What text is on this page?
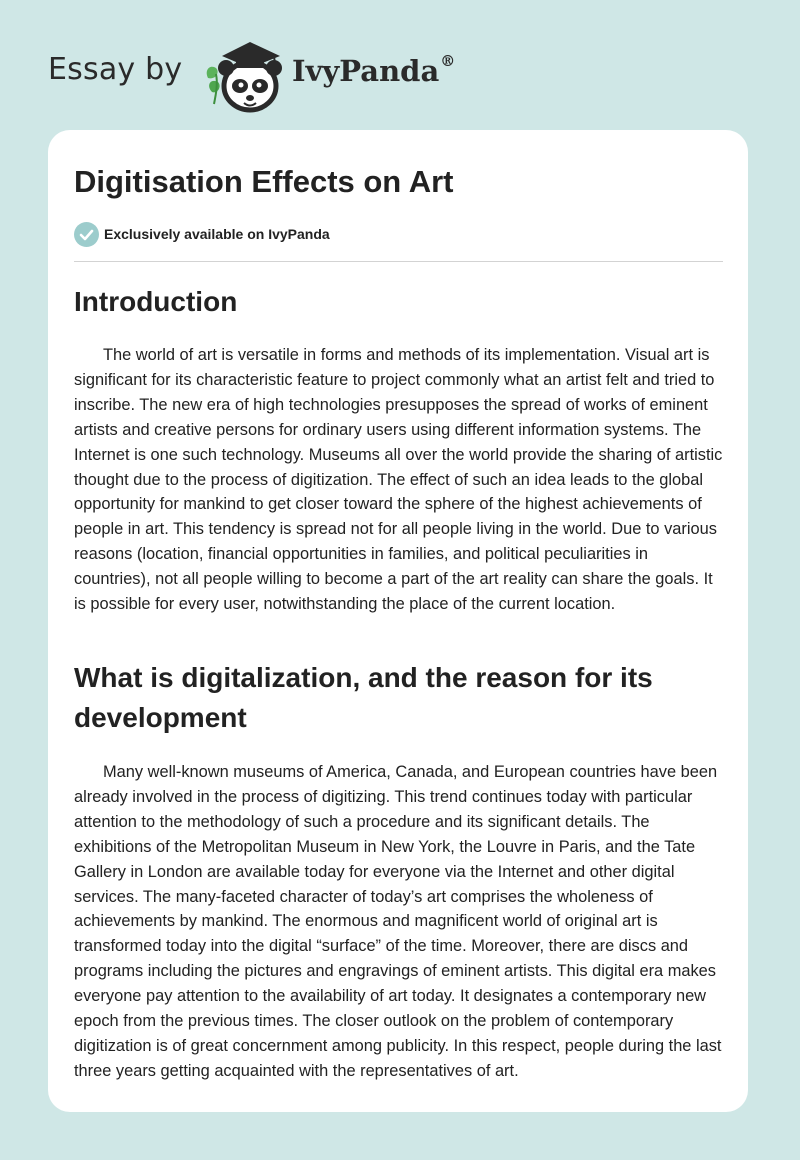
Essay by	IvyPanda®
Digitisation Effects on Art
Exclusively available on IvyPanda
Introduction

The world of art is versatile in forms and methods of its implementation. Visual art is significant for its characteristic feature to project commonly what an artist felt and tried to inscribe. The new era of high technologies presupposes the spread of works of eminent artists and creative persons for ordinary users using different information systems. The Internet is one such technology. Museums all over the world provide the sharing of artistic thought due to the process of digitization. The effect of such an idea leads to the global opportunity for mankind to get closer toward the sphere of the highest achievements of people in art. This tendency is spread not for all people living in the world. Due to various reasons (location, financial opportunities in families, and political peculiarities in countries), not all people willing to become a part of the art reality can share the goals. It is possible for every user, notwithstanding the place of the current location.

What is digitalization, and the reason for its development

Many well-known museums of America, Canada, and European countries have been already involved in the process of digitizing. This trend continues today with particular attention to the methodology of such a procedure and its significant details. The exhibitions of the Metropolitan Museum in New York, the Louvre in Paris, and the Tate Gallery in London are available today for everyone via the Internet and other digital services. The many-faceted character of today’s art comprises the wholeness of achievements by mankind. The enormous and magnificent world of original art is transformed today into the digital “surface” of the time. Moreover, there are discs and programs including the pictures and engravings of eminent artists. This digital era makes everyone pay attention to the availability of art today. It designates a contemporary new epoch from the previous times. The closer outlook on the problem of contemporary digitization is of great concernment among publicity. In this respect, people during the last three years getting acquainted with the representatives of art.
